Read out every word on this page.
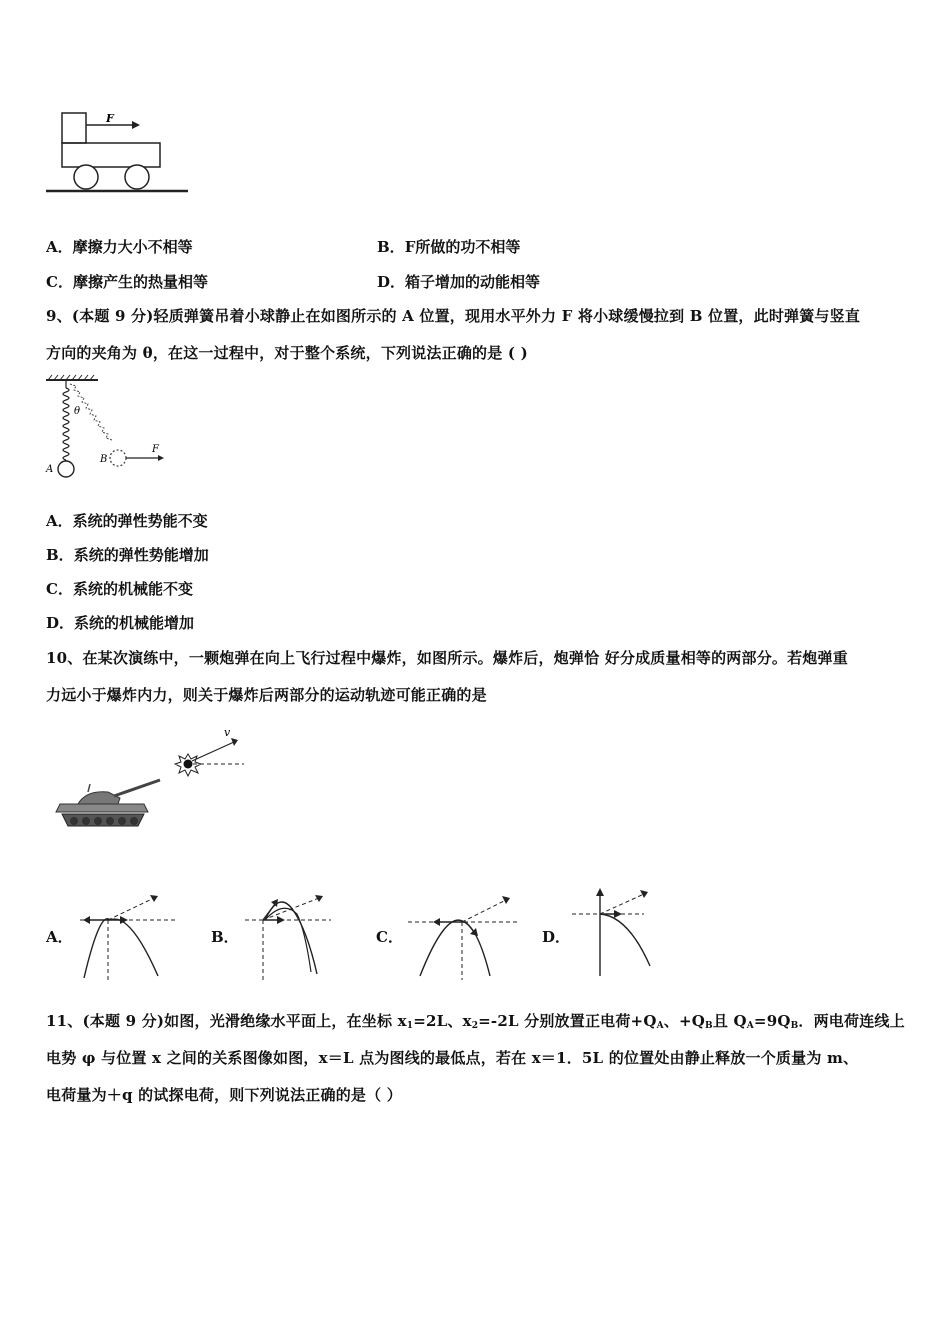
F
A．摩擦力大小不相等	B．F所做的功不相等
C．摩擦产生的热量相等	D．箱子增加的动能相等
9、(本题 9 分)轻质弹簧吊着小球静止在如图所示的 A 位置，现用水平外力 F 将小球缓慢拉到 B 位置，此时弹簧与竖直
方向的夹角为 θ，在这一过程中，对于整个系统，下列说法正确的是 ( )
θ
A
B
F
A．系统的弹性势能不变
B．系统的弹性势能增加
C．系统的机械能不变
D．系统的机械能增加
10、在某次演练中，一颗炮弹在向上飞行过程中爆炸，如图所示。爆炸后，炮弹恰 好分成质量相等的两部分。若炮弹重
力远小于爆炸内力，则关于爆炸后两部分的运动轨迹可能正确的是
v
A．	B．	C．	D．
11、(本题 9 分)如图，光滑绝缘水平面上，在坐标 $x_1=2L$、$x_2=-2L$ 分别放置正电荷$+Q_A$、$+Q_B$且 $Q_A=9Q_B$．两电荷连线上
电势 φ 与位置 x 之间的关系图像如图，x＝L 点为图线的最低点，若在 x＝1．5L 的位置处由静止释放一个质量为 m、
电荷量为＋q 的试探电荷，则下列说法正确的是（ ）
